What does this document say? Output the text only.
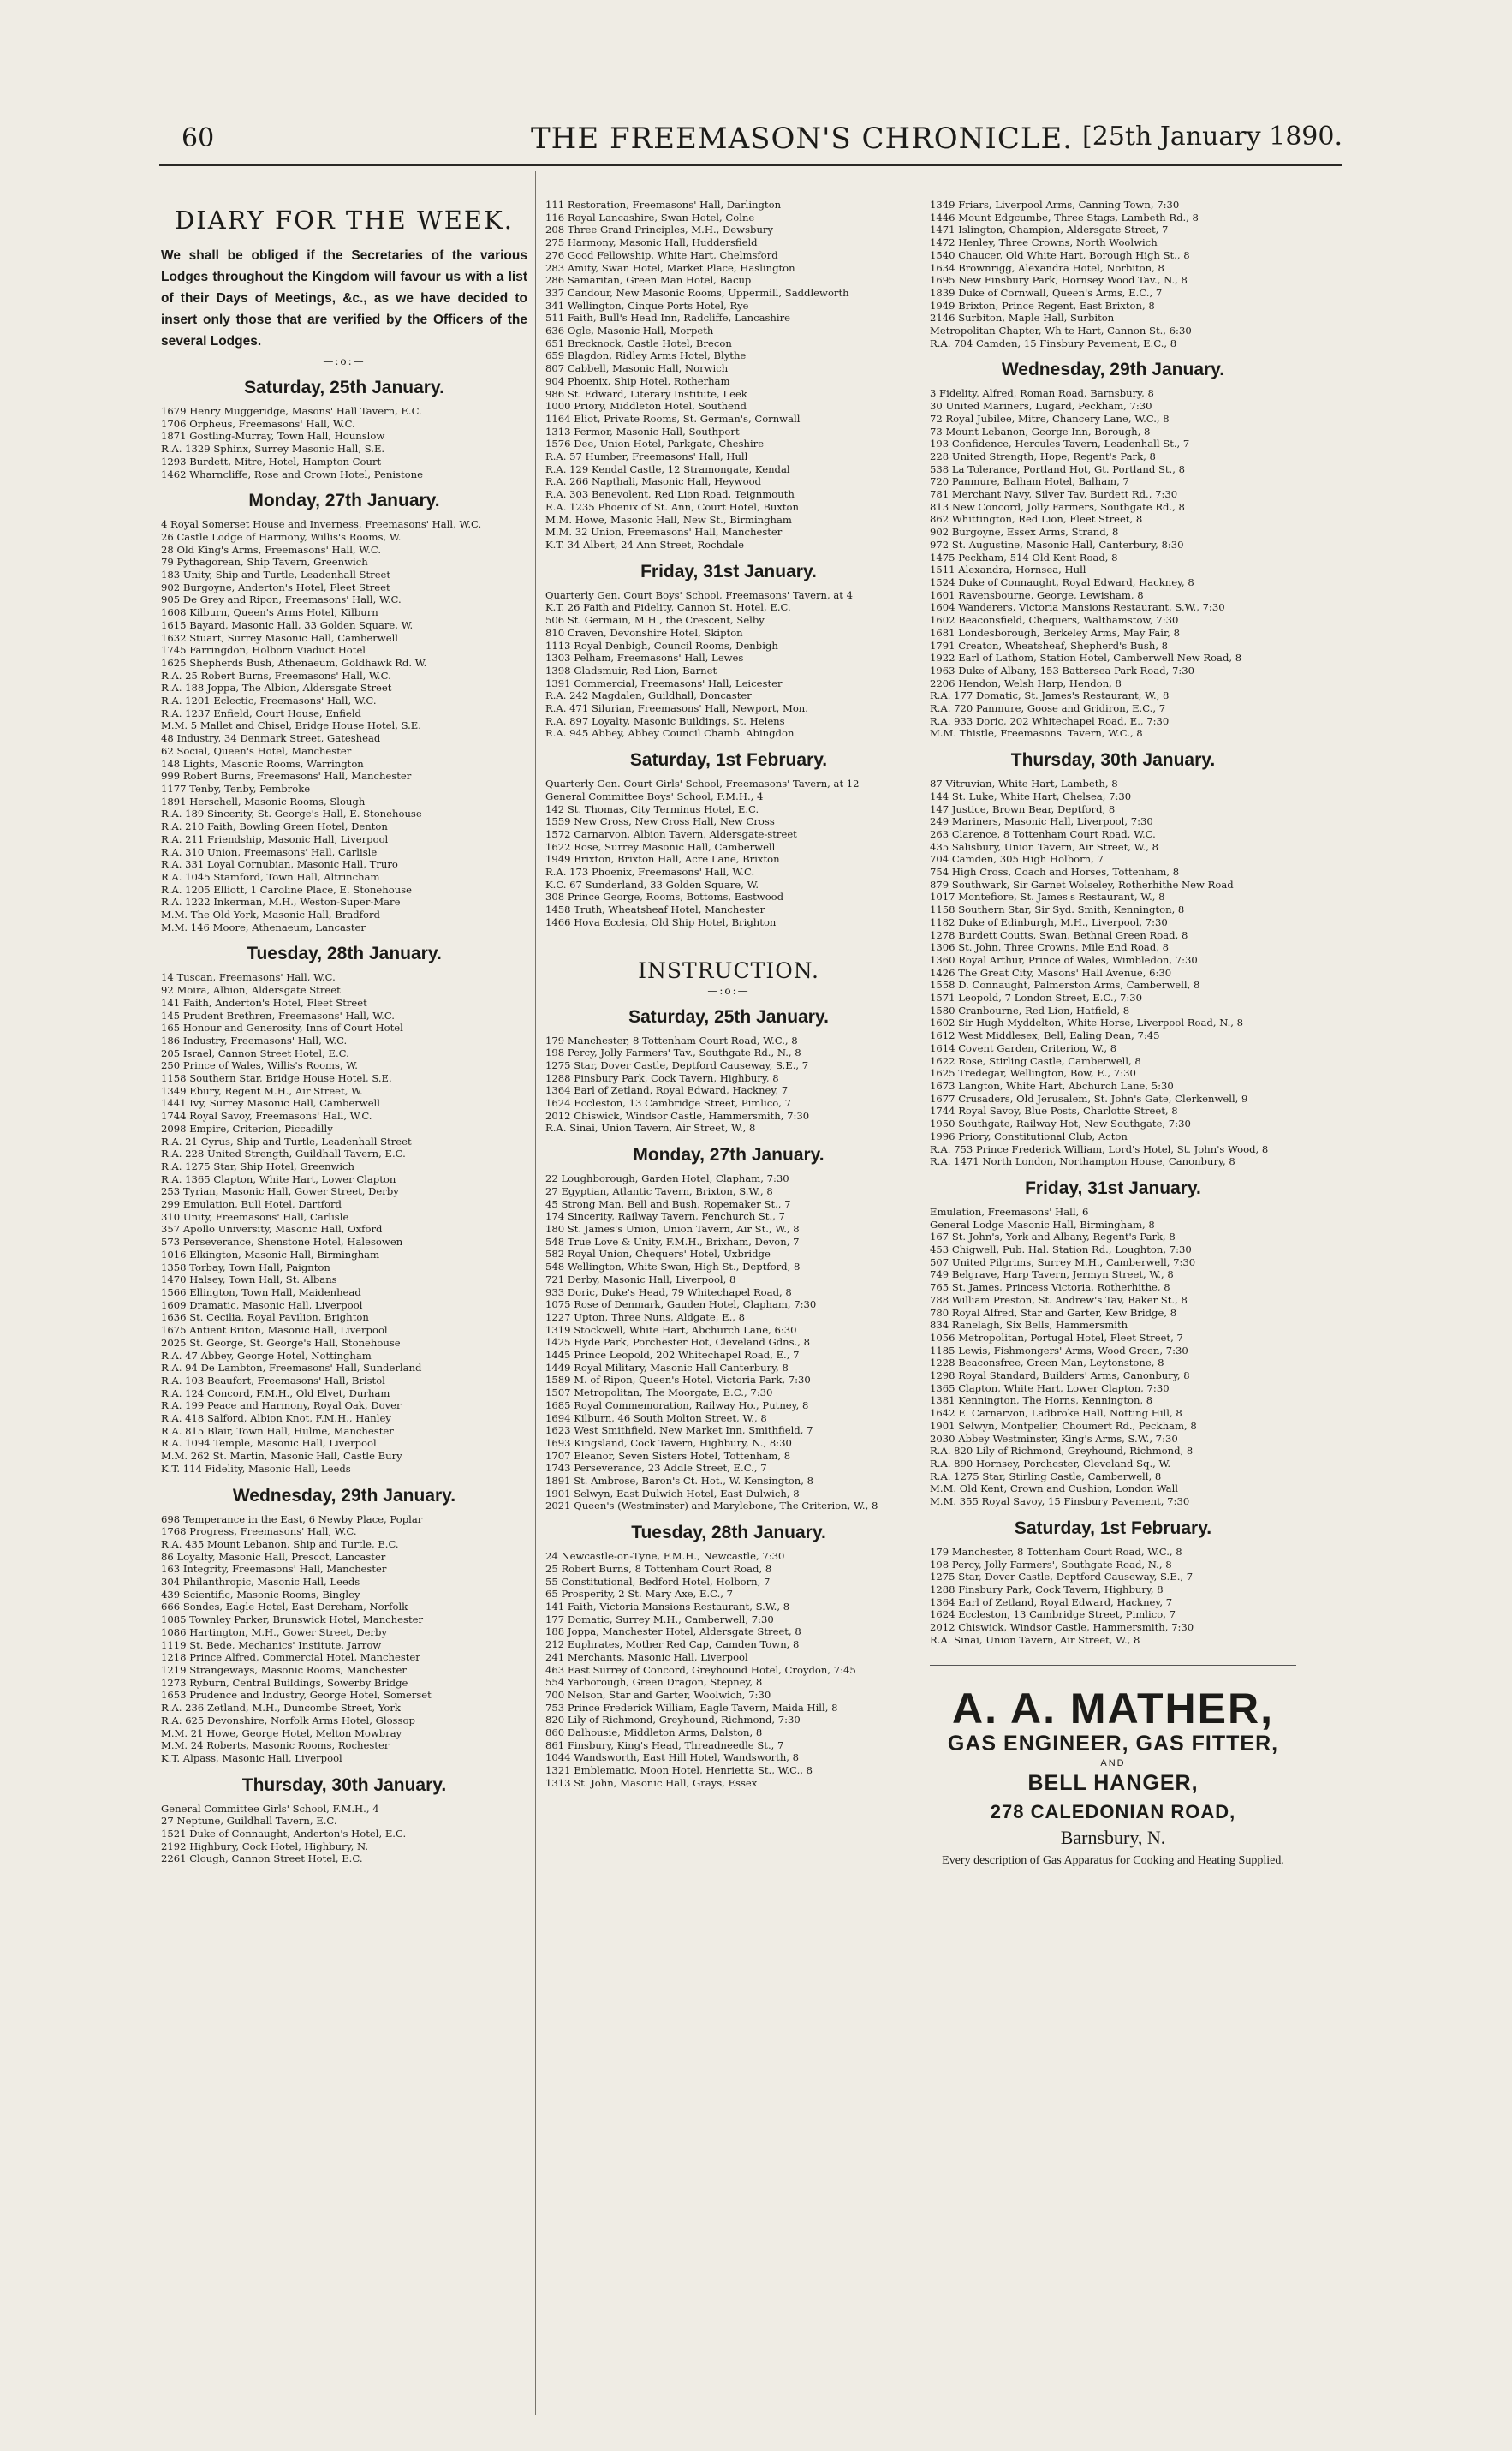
60	THE FREEMASON'S CHRONICLE. [25th January 1890.
DIARY FOR THE WEEK.

We shall be obliged if the Secretaries of the various Lodges throughout the Kingdom will favour us with a list of their Days of Meetings, &c., as we have decided to insert only those that are verified by the Officers of the several Lodges.

—:o:—
Saturday, 25th January.
1679 Henry Muggeridge, Masons' Hall Tavern, E.C.
1706 Orpheus, Freemasons' Hall, W.C.
1871 Gostling-Murray, Town Hall, Hounslow
R.A. 1329 Sphinx, Surrey Masonic Hall, S.E.
1293 Burdett, Mitre, Hotel, Hampton Court
1462 Wharncliffe, Rose and Crown Hotel, Penistone
Monday, 27th January.
4 Royal Somerset House and Inverness, Freemasons' Hall, W.C.
26 Castle Lodge of Harmony, Willis's Rooms, W.
28 Old King's Arms, Freemasons' Hall, W.C.
79 Pythagorean, Ship Tavern, Greenwich
183 Unity, Ship and Turtle, Leadenhall Street
902 Burgoyne, Anderton's Hotel, Fleet Street
905 De Grey and Ripon, Freemasons' Hall, W.C.
1608 Kilburn, Queen's Arms Hotel, Kilburn
1615 Bayard, Masonic Hall, 33 Golden Square, W.
1632 Stuart, Surrey Masonic Hall, Camberwell
1745 Farringdon, Holborn Viaduct Hotel
1625 Shepherds Bush, Athenaeum, Goldhawk Rd. W.
R.A. 25 Robert Burns, Freemasons' Hall, W.C.
R.A. 188 Joppa, The Albion, Aldersgate Street
R.A. 1201 Eclectic, Freemasons' Hall, W.C.
R.A. 1237 Enfield, Court House, Enfield
M.M. 5 Mallet and Chisel, Bridge House Hotel, S.E.
48 Industry, 34 Denmark Street, Gateshead
62 Social, Queen's Hotel, Manchester
148 Lights, Masonic Rooms, Warrington
999 Robert Burns, Freemasons' Hall, Manchester
1177 Tenby, Tenby, Pembroke
1891 Herschell, Masonic Rooms, Slough
R.A. 189 Sincerity, St. George's Hall, E. Stonehouse
R.A. 210 Faith, Bowling Green Hotel, Denton
R.A. 211 Friendship, Masonic Hall, Liverpool
R.A. 310 Union, Freemasons' Hall, Carlisle
R.A. 331 Loyal Cornubian, Masonic Hall, Truro
R.A. 1045 Stamford, Town Hall, Altrincham
R.A. 1205 Elliott, 1 Caroline Place, E. Stonehouse
R.A. 1222 Inkerman, M.H., Weston-Super-Mare
M.M. The Old York, Masonic Hall, Bradford
M.M. 146 Moore, Athenaeum, Lancaster
Tuesday, 28th January.
14 Tuscan, Freemasons' Hall, W.C.
92 Moira, Albion, Aldersgate Street
141 Faith, Anderton's Hotel, Fleet Street
145 Prudent Brethren, Freemasons' Hall, W.C.
165 Honour and Generosity, Inns of Court Hotel
186 Industry, Freemasons' Hall, W.C.
205 Israel, Cannon Street Hotel, E.C.
250 Prince of Wales, Willis's Rooms, W.
1158 Southern Star, Bridge House Hotel, S.E.
1349 Ebury, Regent M.H., Air Street, W.
1441 Ivy, Surrey Masonic Hall, Camberwell
1744 Royal Savoy, Freemasons' Hall, W.C.
2098 Empire, Criterion, Piccadilly
R.A. 21 Cyrus, Ship and Turtle, Leadenhall Street
R.A. 228 United Strength, Guildhall Tavern, E.C.
R.A. 1275 Star, Ship Hotel, Greenwich
R.A. 1365 Clapton, White Hart, Lower Clapton
253 Tyrian, Masonic Hall, Gower Street, Derby
299 Emulation, Bull Hotel, Dartford
310 Unity, Freemasons' Hall, Carlisle
357 Apollo University, Masonic Hall, Oxford
573 Perseverance, Shenstone Hotel, Halesowen
1016 Elkington, Masonic Hall, Birmingham
1358 Torbay, Town Hall, Paignton
1470 Halsey, Town Hall, St. Albans
1566 Ellington, Town Hall, Maidenhead
1609 Dramatic, Masonic Hall, Liverpool
1636 St. Cecilia, Royal Pavilion, Brighton
1675 Antient Briton, Masonic Hall, Liverpool
2025 St. George, St. George's Hall, Stonehouse
R.A. 47 Abbey, George Hotel, Nottingham
R.A. 94 De Lambton, Freemasons' Hall, Sunderland
R.A. 103 Beaufort, Freemasons' Hall, Bristol
R.A. 124 Concord, F.M.H., Old Elvet, Durham
R.A. 199 Peace and Harmony, Royal Oak, Dover
R.A. 418 Salford, Albion Knot, F.M.H., Hanley
R.A. 815 Blair, Town Hall, Hulme, Manchester
R.A. 1094 Temple, Masonic Hall, Liverpool
M.M. 262 St. Martin, Masonic Hall, Castle Bury
K.T. 114 Fidelity, Masonic Hall, Leeds
Wednesday, 29th January.
698 Temperance in the East, 6 Newby Place, Poplar
1768 Progress, Freemasons' Hall, W.C.
R.A. 435 Mount Lebanon, Ship and Turtle, E.C.
86 Loyalty, Masonic Hall, Prescot, Lancaster
163 Integrity, Freemasons' Hall, Manchester
304 Philanthropic, Masonic Hall, Leeds
439 Scientific, Masonic Rooms, Bingley
666 Sondes, Eagle Hotel, East Dereham, Norfolk
1085 Townley Parker, Brunswick Hotel, Manchester
1086 Hartington, M.H., Gower Street, Derby
1119 St. Bede, Mechanics' Institute, Jarrow
1218 Prince Alfred, Commercial Hotel, Manchester
1219 Strangeways, Masonic Rooms, Manchester
1273 Ryburn, Central Buildings, Sowerby Bridge
1653 Prudence and Industry, George Hotel, Somerset
R.A. 236 Zetland, M.H., Duncombe Street, York
R.A. 625 Devonshire, Norfolk Arms Hotel, Glossop
M.M. 21 Howe, George Hotel, Melton Mowbray
M.M. 24 Roberts, Masonic Rooms, Rochester
K.T. Alpass, Masonic Hall, Liverpool
Thursday, 30th January.
General Committee Girls' School, F.M.H., 4
27 Neptune, Guildhall Tavern, E.C.
1521 Duke of Connaught, Anderton's Hotel, E.C.
2192 Highbury, Cock Hotel, Highbury, N.
2261 Clough, Cannon Street Hotel, E.C.
111 Restoration, Freemasons' Hall, Darlington
116 Royal Lancashire, Swan Hotel, Colne
208 Three Grand Principles, M.H., Dewsbury
275 Harmony, Masonic Hall, Huddersfield
276 Good Fellowship, White Hart, Chelmsford
283 Amity, Swan Hotel, Market Place, Haslington
286 Samaritan, Green Man Hotel, Bacup
337 Candour, New Masonic Rooms, Uppermill, Saddleworth
341 Wellington, Cinque Ports Hotel, Rye
511 Faith, Bull's Head Inn, Radcliffe, Lancashire
636 Ogle, Masonic Hall, Morpeth
651 Brecknock, Castle Hotel, Brecon
659 Blagdon, Ridley Arms Hotel, Blythe
807 Cabbell, Masonic Hall, Norwich
904 Phoenix, Ship Hotel, Rotherham
986 St. Edward, Literary Institute, Leek
1000 Priory, Middleton Hotel, Southend
1164 Eliot, Private Rooms, St. German's, Cornwall
1313 Fermor, Masonic Hall, Southport
1576 Dee, Union Hotel, Parkgate, Cheshire
R.A. 57 Humber, Freemasons' Hall, Hull
R.A. 129 Kendal Castle, 12 Stramongate, Kendal
R.A. 266 Napthali, Masonic Hall, Heywood
R.A. 303 Benevolent, Red Lion Road, Teignmouth
R.A. 1235 Phoenix of St. Ann, Court Hotel, Buxton
M.M. Howe, Masonic Hall, New St., Birmingham
M.M. 32 Union, Freemasons' Hall, Manchester
K.T. 34 Albert, 24 Ann Street, Rochdale
Friday, 31st January.
Quarterly Gen. Court Boys' School, Freemasons' Tavern, at 4
K.T. 26 Faith and Fidelity, Cannon St. Hotel, E.C.
506 St. Germain, M.H., the Crescent, Selby
810 Craven, Devonshire Hotel, Skipton
1113 Royal Denbigh, Council Rooms, Denbigh
1303 Pelham, Freemasons' Hall, Lewes
1398 Gladsmuir, Red Lion, Barnet
1391 Commercial, Freemasons' Hall, Leicester
R.A. 242 Magdalen, Guildhall, Doncaster
R.A. 471 Silurian, Freemasons' Hall, Newport, Mon.
R.A. 897 Loyalty, Masonic Buildings, St. Helens
R.A. 945 Abbey, Abbey Council Chamb. Abingdon
Saturday, 1st February.
Quarterly Gen. Court Girls' School, Freemasons' Tavern, at 12
General Committee Boys' School, F.M.H., 4
142 St. Thomas, City Terminus Hotel, E.C.
1559 New Cross, New Cross Hall, New Cross
1572 Carnarvon, Albion Tavern, Aldersgate-street
1622 Rose, Surrey Masonic Hall, Camberwell
1949 Brixton, Brixton Hall, Acre Lane, Brixton
R.A. 173 Phoenix, Freemasons' Hall, W.C.
K.C. 67 Sunderland, 33 Golden Square, W.
308 Prince George, Rooms, Bottoms, Eastwood
1458 Truth, Wheatsheaf Hotel, Manchester
1466 Hova Ecclesia, Old Ship Hotel, Brighton
INSTRUCTION.
—:o:—
Saturday, 25th January.
179 Manchester, 8 Tottenham Court Road, W.C., 8
198 Percy, Jolly Farmers' Tav., Southgate Rd., N., 8
1275 Star, Dover Castle, Deptford Causeway, S.E., 7
1288 Finsbury Park, Cock Tavern, Highbury, 8
1364 Earl of Zetland, Royal Edward, Hackney, 7
1624 Eccleston, 13 Cambridge Street, Pimlico, 7
2012 Chiswick, Windsor Castle, Hammersmith, 7:30
R.A. Sinai, Union Tavern, Air Street, W., 8
Monday, 27th January.
22 Loughborough, Garden Hotel, Clapham, 7:30
27 Egyptian, Atlantic Tavern, Brixton, S.W., 8
45 Strong Man, Bell and Bush, Ropemaker St., 7
174 Sincerity, Railway Tavern, Fenchurch St., 7
180 St. James's Union, Union Tavern, Air St., W., 8
548 True Love & Unity, F.M.H., Brixham, Devon, 7
582 Royal Union, Chequers' Hotel, Uxbridge
548 Wellington, White Swan, High St., Deptford, 8
721 Derby, Masonic Hall, Liverpool, 8
933 Doric, Duke's Head, 79 Whitechapel Road, 8
1075 Rose of Denmark, Gauden Hotel, Clapham, 7:30
1227 Upton, Three Nuns, Aldgate, E., 8
1319 Stockwell, White Hart, Abchurch Lane, 6:30
1425 Hyde Park, Porchester Hot, Cleveland Gdns., 8
1445 Prince Leopold, 202 Whitechapel Road, E., 7
1449 Royal Military, Masonic Hall Canterbury, 8
1589 M. of Ripon, Queen's Hotel, Victoria Park, 7:30
1507 Metropolitan, The Moorgate, E.C., 7:30
1685 Royal Commemoration, Railway Ho., Putney, 8
1694 Kilburn, 46 South Molton Street, W., 8
1623 West Smithfield, New Market Inn, Smithfield, 7
1693 Kingsland, Cock Tavern, Highbury, N., 8:30
1707 Eleanor, Seven Sisters Hotel, Tottenham, 8
1743 Perseverance, 23 Addle Street, E.C., 7
1891 St. Ambrose, Baron's Ct. Hot., W. Kensington, 8
1901 Selwyn, East Dulwich Hotel, East Dulwich, 8
2021 Queen's (Westminster) and Marylebone, The Criterion, W., 8
Tuesday, 28th January.
24 Newcastle-on-Tyne, F.M.H., Newcastle, 7:30
25 Robert Burns, 8 Tottenham Court Road, 8
55 Constitutional, Bedford Hotel, Holborn, 7
65 Prosperity, 2 St. Mary Axe, E.C., 7
141 Faith, Victoria Mansions Restaurant, S.W., 8
177 Domatic, Surrey M.H., Camberwell, 7:30
188 Joppa, Manchester Hotel, Aldersgate Street, 8
212 Euphrates, Mother Red Cap, Camden Town, 8
241 Merchants, Masonic Hall, Liverpool
463 East Surrey of Concord, Greyhound Hotel, Croydon, 7:45
554 Yarborough, Green Dragon, Stepney, 8
700 Nelson, Star and Garter, Woolwich, 7:30
753 Prince Frederick William, Eagle Tavern, Maida Hill, 8
820 Lily of Richmond, Greyhound, Richmond, 7:30
860 Dalhousie, Middleton Arms, Dalston, 8
861 Finsbury, King's Head, Threadneedle St., 7
1044 Wandsworth, East Hill Hotel, Wandsworth, 8
1321 Emblematic, Moon Hotel, Henrietta St., W.C., 8
1313 St. John, Masonic Hall, Grays, Essex
1349 Friars, Liverpool Arms, Canning Town, 7:30
1446 Mount Edgcumbe, Three Stags, Lambeth Rd., 8
1471 Islington, Champion, Aldersgate Street, 7
1472 Henley, Three Crowns, North Woolwich
1540 Chaucer, Old White Hart, Borough High St., 8
1634 Brownrigg, Alexandra Hotel, Norbiton, 8
1695 New Finsbury Park, Hornsey Wood Tav., N., 8
1839 Duke of Cornwall, Queen's Arms, E.C., 7
1949 Brixton, Prince Regent, East Brixton, 8
2146 Surbiton, Maple Hall, Surbiton
Metropolitan Chapter, Wh te Hart, Cannon St., 6:30
R.A. 704 Camden, 15 Finsbury Pavement, E.C., 8
Wednesday, 29th January.
3 Fidelity, Alfred, Roman Road, Barnsbury, 8
30 United Mariners, Lugard, Peckham, 7:30
72 Royal Jubilee, Mitre, Chancery Lane, W.C., 8
73 Mount Lebanon, George Inn, Borough, 8
193 Confidence, Hercules Tavern, Leadenhall St., 7
228 United Strength, Hope, Regent's Park, 8
538 La Tolerance, Portland Hot, Gt. Portland St., 8
720 Panmure, Balham Hotel, Balham, 7
781 Merchant Navy, Silver Tav, Burdett Rd., 7:30
813 New Concord, Jolly Farmers, Southgate Rd., 8
862 Whittington, Red Lion, Fleet Street, 8
902 Burgoyne, Essex Arms, Strand, 8
972 St. Augustine, Masonic Hall, Canterbury, 8:30
1475 Peckham, 514 Old Kent Road, 8
1511 Alexandra, Hornsea, Hull
1524 Duke of Connaught, Royal Edward, Hackney, 8
1601 Ravensbourne, George, Lewisham, 8
1604 Wanderers, Victoria Mansions Restaurant, S.W., 7:30
1602 Beaconsfield, Chequers, Walthamstow, 7:30
1681 Londesborough, Berkeley Arms, May Fair, 8
1791 Creaton, Wheatsheaf, Shepherd's Bush, 8
1922 Earl of Lathom, Station Hotel, Camberwell New Road, 8
1963 Duke of Albany, 153 Battersea Park Road, 7:30
2206 Hendon, Welsh Harp, Hendon, 8
R.A. 177 Domatic, St. James's Restaurant, W., 8
R.A. 720 Panmure, Goose and Gridiron, E.C., 7
R.A. 933 Doric, 202 Whitechapel Road, E., 7:30
M.M. Thistle, Freemasons' Tavern, W.C., 8
Thursday, 30th January.
87 Vitruvian, White Hart, Lambeth, 8
144 St. Luke, White Hart, Chelsea, 7:30
147 Justice, Brown Bear, Deptford, 8
249 Mariners, Masonic Hall, Liverpool, 7:30
263 Clarence, 8 Tottenham Court Road, W.C.
435 Salisbury, Union Tavern, Air Street, W., 8
704 Camden, 305 High Holborn, 7
754 High Cross, Coach and Horses, Tottenham, 8
879 Southwark, Sir Garnet Wolseley, Rotherhithe New Road
1017 Montefiore, St. James's Restaurant, W., 8
1158 Southern Star, Sir Syd. Smith, Kennington, 8
1182 Duke of Edinburgh, M.H., Liverpool, 7:30
1278 Burdett Coutts, Swan, Bethnal Green Road, 8
1306 St. John, Three Crowns, Mile End Road, 8
1360 Royal Arthur, Prince of Wales, Wimbledon, 7:30
1426 The Great City, Masons' Hall Avenue, 6:30
1558 D. Connaught, Palmerston Arms, Camberwell, 8
1571 Leopold, 7 London Street, E.C., 7:30
1580 Cranbourne, Red Lion, Hatfield, 8
1602 Sir Hugh Myddelton, White Horse, Liverpool Road, N., 8
1612 West Middlesex, Bell, Ealing Dean, 7:45
1614 Covent Garden, Criterion, W., 8
1622 Rose, Stirling Castle, Camberwell, 8
1625 Tredegar, Wellington, Bow, E., 7:30
1673 Langton, White Hart, Abchurch Lane, 5:30
1677 Crusaders, Old Jerusalem, St. John's Gate, Clerkenwell, 9
1744 Royal Savoy, Blue Posts, Charlotte Street, 8
1950 Southgate, Railway Hot, New Southgate, 7:30
1996 Priory, Constitutional Club, Acton
R.A. 753 Prince Frederick William, Lord's Hotel, St. John's Wood, 8
R.A. 1471 North London, Northampton House, Canonbury, 8
Friday, 31st January.
Emulation, Freemasons' Hall, 6
General Lodge Masonic Hall, Birmingham, 8
167 St. John's, York and Albany, Regent's Park, 8
453 Chigwell, Pub. Hal. Station Rd., Loughton, 7:30
507 United Pilgrims, Surrey M.H., Camberwell, 7:30
749 Belgrave, Harp Tavern, Jermyn Street, W., 8
765 St. James, Princess Victoria, Rotherhithe, 8
788 William Preston, St. Andrew's Tav, Baker St., 8
780 Royal Alfred, Star and Garter, Kew Bridge, 8
834 Ranelagh, Six Bells, Hammersmith
1056 Metropolitan, Portugal Hotel, Fleet Street, 7
1185 Lewis, Fishmongers' Arms, Wood Green, 7:30
1228 Beaconsfree, Green Man, Leytonstone, 8
1298 Royal Standard, Builders' Arms, Canonbury, 8
1365 Clapton, White Hart, Lower Clapton, 7:30
1381 Kennington, The Horns, Kennington, 8
1642 E. Carnarvon, Ladbroke Hall, Notting Hill, 8
1901 Selwyn, Montpelier, Choumert Rd., Peckham, 8
2030 Abbey Westminster, King's Arms, S.W., 7:30
R.A. 820 Lily of Richmond, Greyhound, Richmond, 8
R.A. 890 Hornsey, Porchester, Cleveland Sq., W.
R.A. 1275 Star, Stirling Castle, Camberwell, 8
M.M. Old Kent, Crown and Cushion, London Wall
M.M. 355 Royal Savoy, 15 Finsbury Pavement, 7:30
Saturday, 1st February.
179 Manchester, 8 Tottenham Court Road, W.C., 8
198 Percy, Jolly Farmers', Southgate Road, N., 8
1275 Star, Dover Castle, Deptford Causeway, S.E., 7
1288 Finsbury Park, Cock Tavern, Highbury, 8
1364 Earl of Zetland, Royal Edward, Hackney, 7
1624 Eccleston, 13 Cambridge Street, Pimlico, 7
2012 Chiswick, Windsor Castle, Hammersmith, 7:30
R.A. Sinai, Union Tavern, Air Street, W., 8
A. A. MATHER,
GAS ENGINEER, GAS FITTER,
AND
BELL HANGER,
278 CALEDONIAN ROAD,
Barnsbury, N.
Every description of Gas Apparatus for Cooking and Heating Supplied.
